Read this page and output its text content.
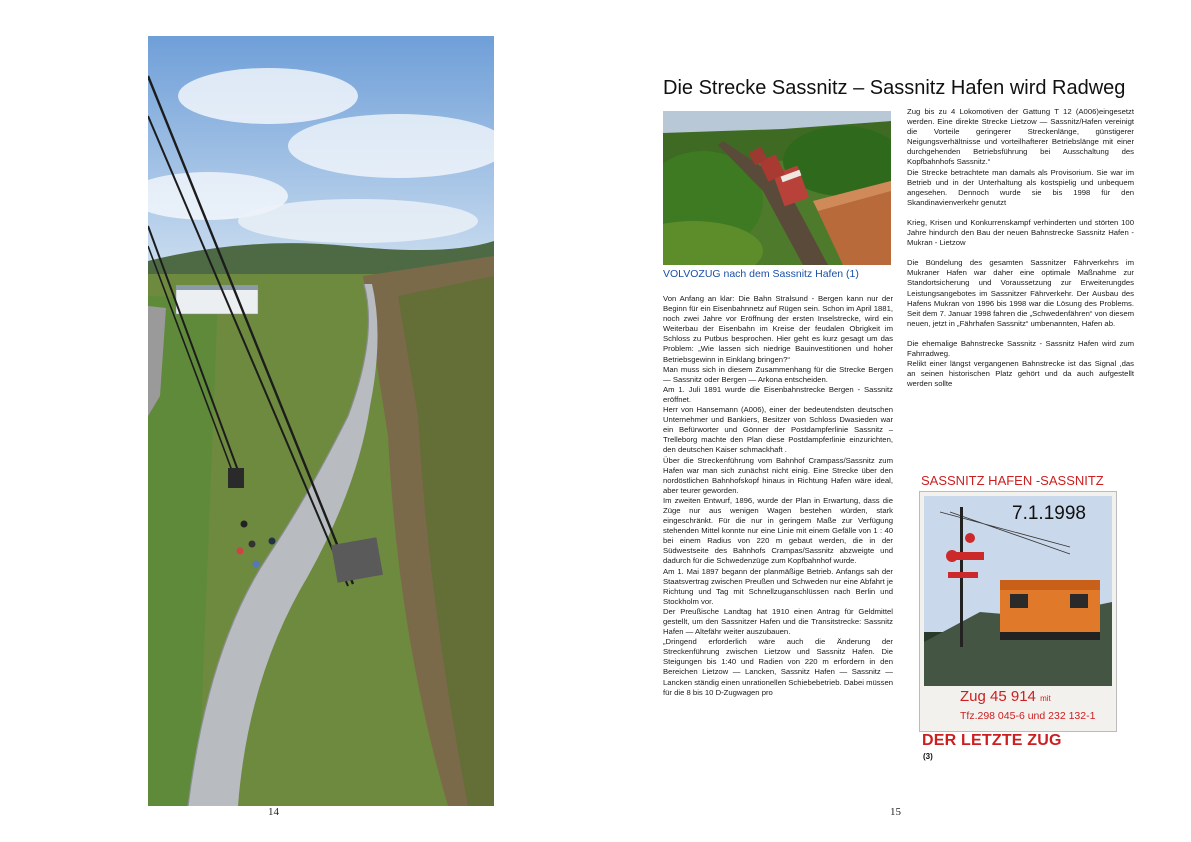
14
Die Strecke Sassnitz – Sassnitz Hafen wird Radweg
VOLVOZUG nach dem Sassnitz Hafen (1)

Von Anfang an klar: Die Bahn Stralsund - Bergen kann nur der Beginn für ein Eisenbahnnetz auf Rügen sein. Schon im April 1881, noch zwei Jahre vor Eröffnung der ersten Inselstrecke, wird ein Weiterbau der Eisenbahn im Kreise der feudalen Obrigkeit im Schloss zu Putbus besprochen. Hier geht es kurz gesagt um das Problem: „Wie lassen sich niedrige Bauinvestitionen und hoher Betriebsgewinn in Einklang bringen?“

Man muss sich in diesem Zusammenhang für die Strecke Bergen — Sassnitz oder Bergen — Arkona entscheiden.

Am 1. Juli 1891 wurde die Eisenbahnstrecke Bergen - Sassnitz eröffnet.

Herr von Hansemann (A006), einer der bedeutendsten deutschen Unternehmer und Bankiers, Besitzer von Schloss Dwasieden war ein Befürworter und Gönner der Postdampferlinie Sassnitz – Trelleborg machte den Plan diese Postdampferlinie einzurichten, den deutschen Kaiser schmackhaft .

Über die Streckenführung vom Bahnhof Crampass/Sassnitz zum Hafen war man sich zunächst nicht einig. Eine Strecke über den nordöstlichen Bahnhofskopf hinaus in Richtung Hafen wäre ideal, aber teurer geworden.

Im zweiten Entwurf, 1896, wurde der Plan in Erwartung, dass die Züge nur aus wenigen Wagen bestehen würden, stark eingeschränkt. Für die nur in geringem Maße zur Verfügung stehenden Mittel konnte nur eine Linie mit einem Gefälle von 1 : 40 bei einem Radius von 220 m gebaut werden, die in der Südwestseite des Bahnhofs Crampas/Sassnitz abzweigte und dadurch für die Schwedenzüge zum Kopfbahnhof wurde.

Am 1. Mai 1897 begann der planmäßige Betrieb. Anfangs sah der Staatsvertrag zwischen Preußen und Schweden nur eine Abfahrt je Richtung und Tag mit Schnellzuganschlüssen nach Berlin und Stockholm vor.

Der Preußische Landtag hat 1910 einen Antrag für Geldmittel gestellt, um den Sassnitzer Hafen und die Transitstrecke: Sassnitz Hafen — Altefähr weiter auszubauen.

„Dringend erforderlich wäre auch die Änderung der Streckenführung zwischen Lietzow und Sassnitz Hafen. Die Steigungen bis 1:40 und Radien von 220 m erfordern in den Bereichen Lietzow — Lancken, Sassnitz Hafen — Sassnitz — Lancken ständig einen unrationellen Schiebebetrieb. Dabei müssen für die 8 bis 10 D-Zugwagen pro

Zug bis zu 4 Lokomotiven der Gattung T 12 (A006)eingesetzt werden. Eine direkte Strecke Lietzow — Sassnitz/Hafen vereinigt die Vorteile geringerer Streckenlänge, günstigerer Neigungsverhältnisse und vorteilhafterer Betriebslänge mit einer durchgehenden Betriebsführung bei Ausschaltung des Kopfbahnhofs Sassnitz.“

Die Strecke betrachtete man damals als Provisorium. Sie war im Betrieb und in der Unterhaltung als kostspielig und unbequem angesehen. Dennoch wurde sie bis 1998 für den Skandinavienverkehr genutzt

Krieg, Krisen und Konkurrenskampf verhinderten und störten 100 Jahre hindurch den Bau der neuen Bahnstrecke Sassnitz Hafen - Mukran - Lietzow

Die Bündelung des gesamten Sassnitzer Fährverkehrs im Mukraner Hafen war daher eine optimale Maßnahme zur Standortsicherung und Voraussetzung zur Erweiterungdes Leistungsangebotes im Sassnitzer Fährverkehr. Der Ausbau des Hafens Mukran von 1996 bis 1998 war die Lösung des Problems. Seit dem 7. Januar 1998 fahren die „Schwedenfähren“ von diesem neuen, jetzt in „Fährhafen Sassnitz“ umbenannten, Hafen ab.

Die ehemalige Bahnstrecke Sassnitz - Sassnitz Hafen wird zum Fahrradweg.

Relikt einer längst vergangenen Bahnstrecke ist das Signal ,das an seinen historischen Platz gehört und da auch aufgestellt werden sollte

SASSNITZ HAFEN -SASSNITZ
7.1.1998
Zug 45 914 mit
Tfz.298 045-6 und 232 132-1
DER LETZTE ZUG
(3)
15
